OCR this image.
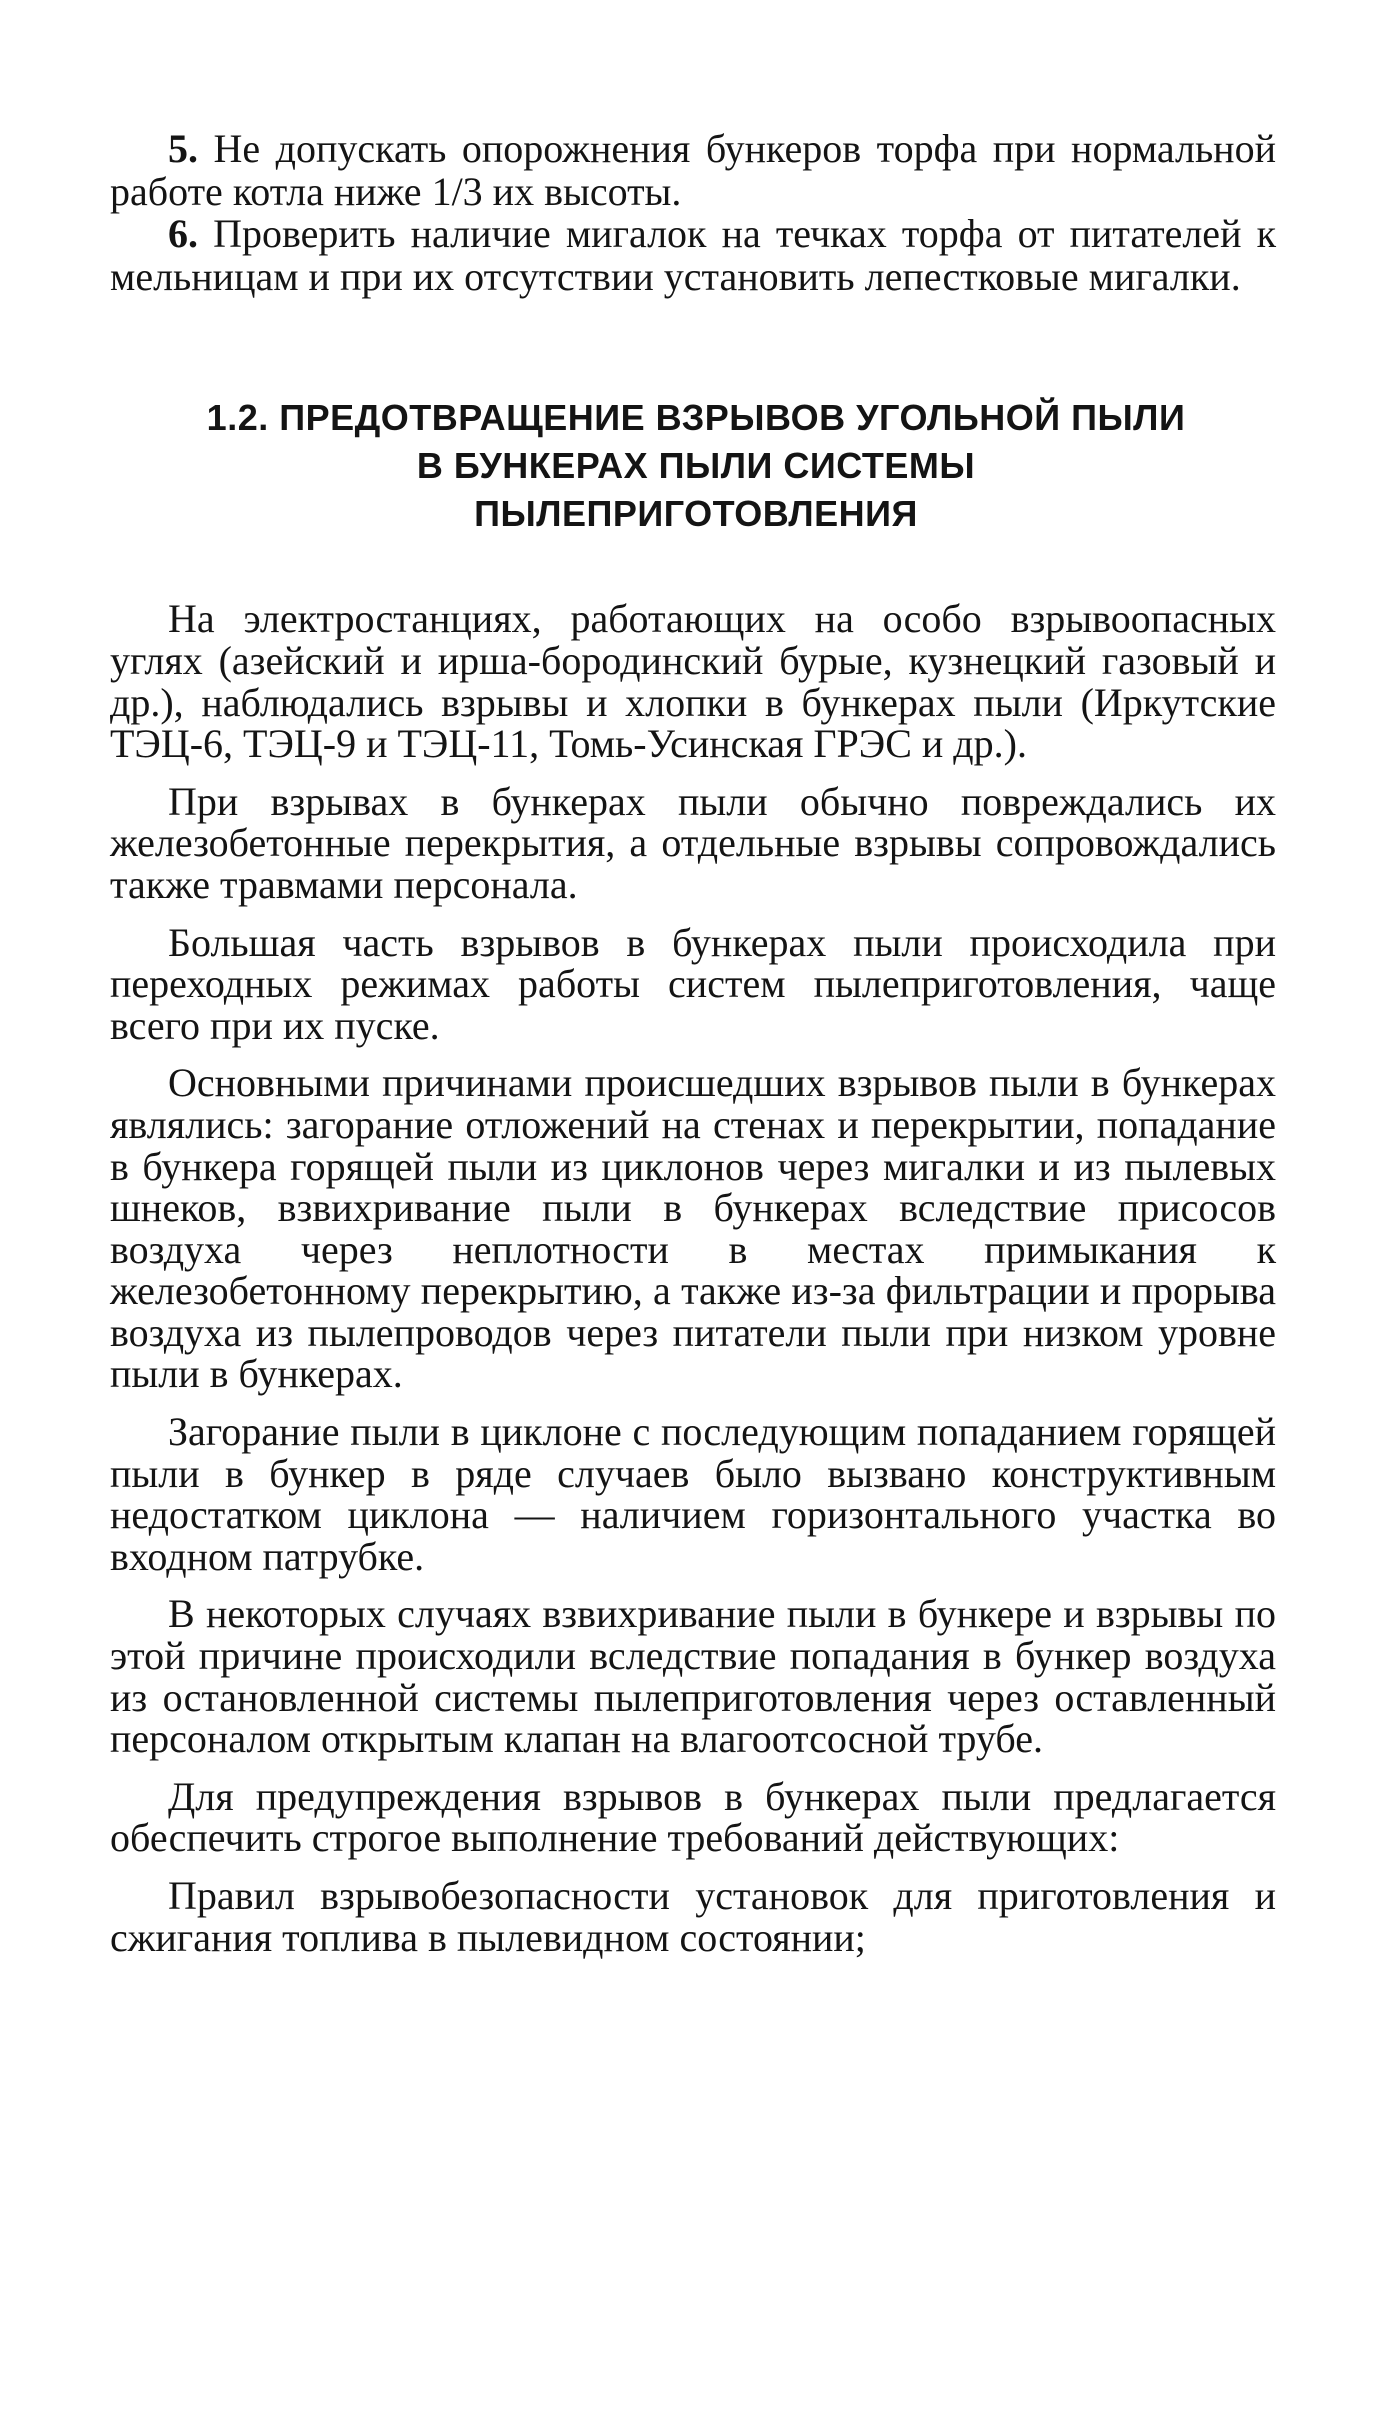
5. Не допускать опорожнения бункеров торфа при нормальной работе котла ниже 1/3 их высоты.

6. Проверить наличие мигалок на течках торфа от питателей к мельницам и при их отсутствии установить лепестковые мигалки.

1.2. ПРЕДОТВРАЩЕНИЕ ВЗРЫВОВ УГОЛЬНОЙ ПЫЛИ
В БУНКЕРАХ ПЫЛИ СИСТЕМЫ
ПЫЛЕПРИГОТОВЛЕНИЯ

На электростанциях, работающих на особо взрывоопасных углях (азейский и ирша-бородинский бурые, кузнецкий газовый и др.), наблюдались взрывы и хлопки в бункерах пыли (Иркутские ТЭЦ-6, ТЭЦ-9 и ТЭЦ-11, Томь-Усинская ГРЭС и др.).

При взрывах в бункерах пыли обычно повреждались их железобетонные перекрытия, а отдельные взрывы сопровождались также травмами персонала.

Большая часть взрывов в бункерах пыли происходила при переходных режимах работы систем пылеприготовления, чаще всего при их пуске.

Основными причинами происшедших взрывов пыли в бункерах являлись: загорание отложений на стенах и перекрытии, попадание в бункера горящей пыли из циклонов через мигалки и из пылевых шнеков, взвихривание пыли в бункерах вследствие присосов воздуха через неплотности в местах примыкания к железобетонному перекрытию, а также из-за фильтрации и прорыва воздуха из пылепроводов через питатели пыли при низком уровне пыли в бункерах.

Загорание пыли в циклоне с последующим попаданием горящей пыли в бункер в ряде случаев было вызвано конструктивным недостатком циклона — наличием горизонтального участка во входном патрубке.

В некоторых случаях взвихривание пыли в бункере и взрывы по этой причине происходили вследствие попадания в бункер воздуха из остановленной системы пылеприготовления через оставленный персоналом открытым клапан на влагоотсосной трубе.

Для предупреждения взрывов в бункерах пыли предлагается обеспечить строгое выполнение требований действующих:

Правил взрывобезопасности установок для приготовления и сжигания топлива в пылевидном состоянии;
